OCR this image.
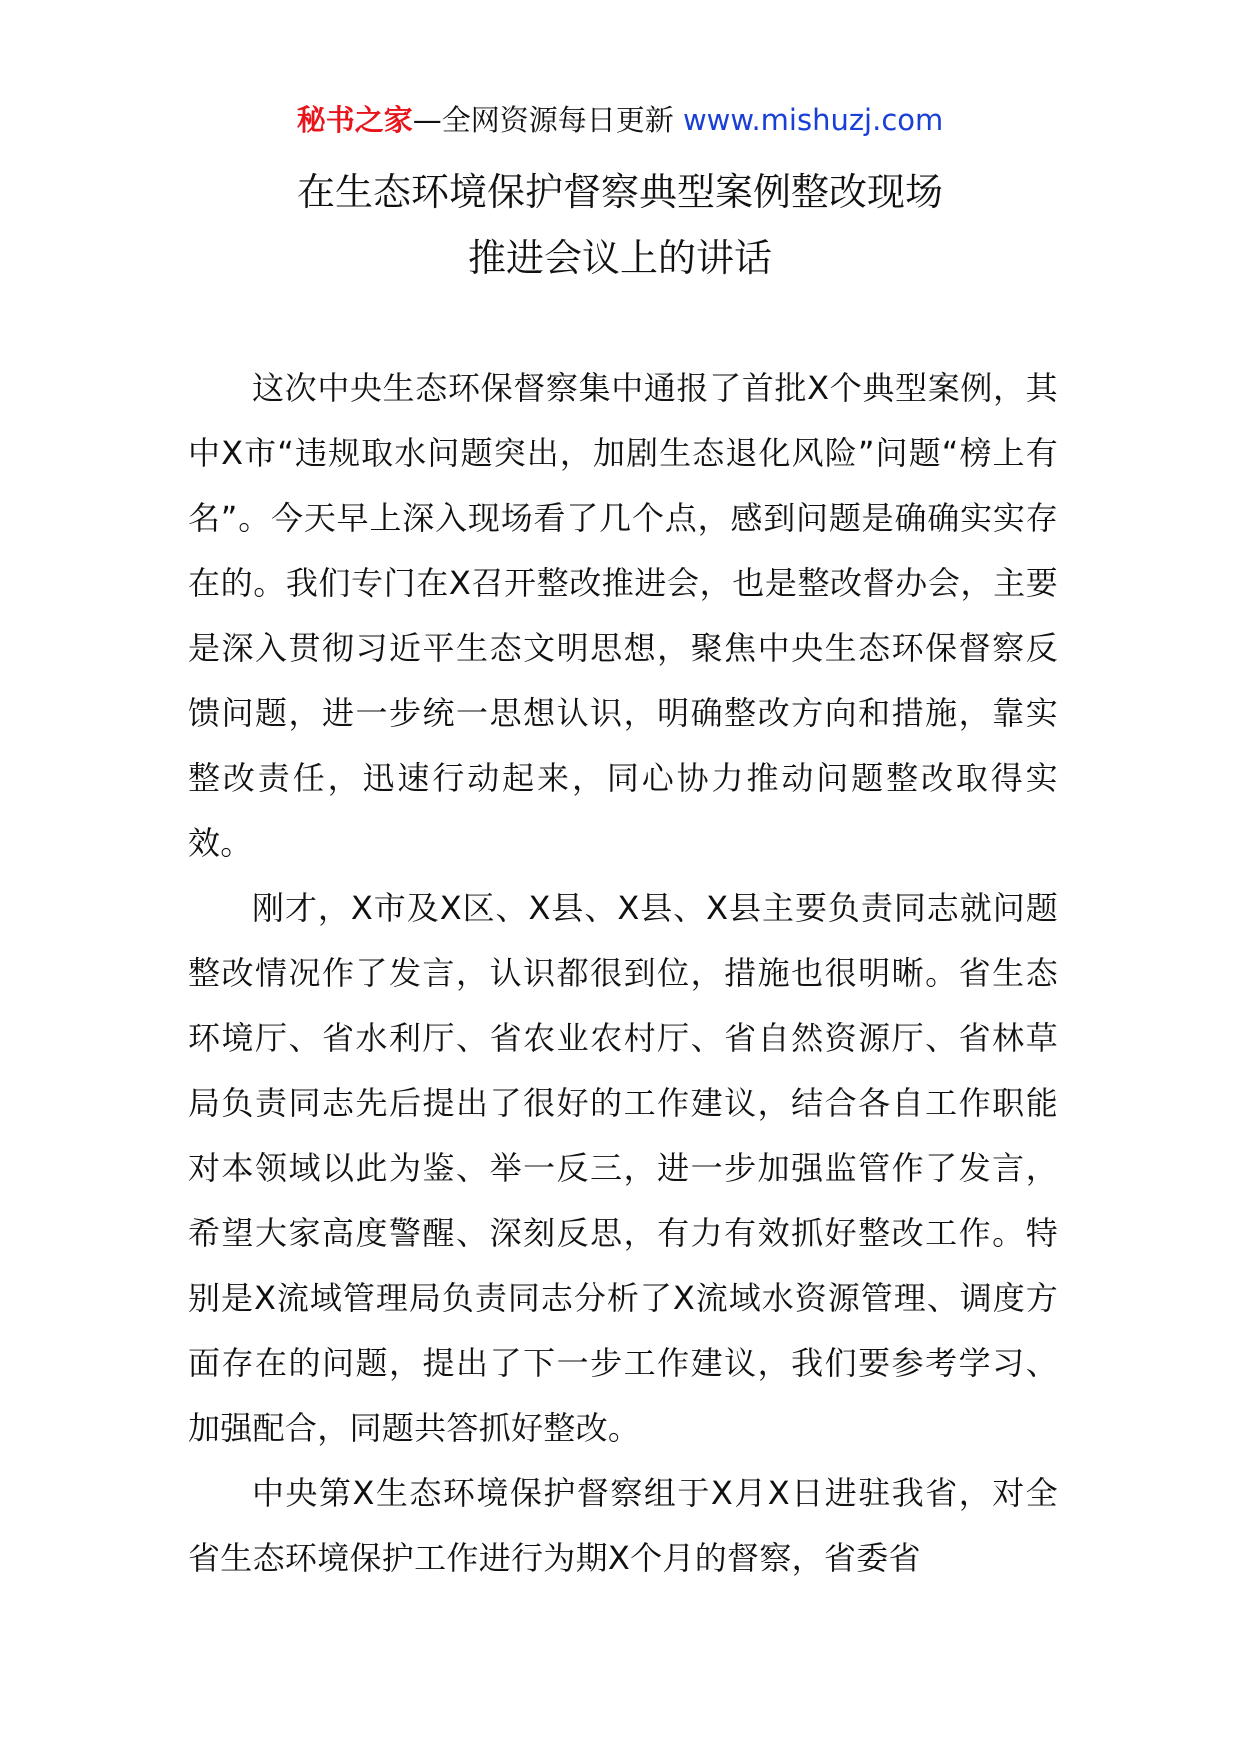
秘书之家—全网资源每日更新 www.mishuzj.com
在生态环境保护督察典型案例整改现场
推进会议上的讲话

这次中央生态环保督察集中通报了首批X个典型案例，其中X市“违规取水问题突出，加剧生态退化风险”问题“榜上有名”。今天早上深入现场看了几个点，感到问题是确确实实存在的。我们专门在X召开整改推进会，也是整改督办会，主要是深入贯彻习近平生态文明思想，聚焦中央生态环保督察反馈问题，进一步统一思想认识，明确整改方向和措施，靠实整改责任，迅速行动起来，同心协力推动问题整改取得实效。

刚才，X市及X区、X县、X县、X县主要负责同志就问题整改情况作了发言，认识都很到位，措施也很明晰。省生态环境厅、省水利厅、省农业农村厅、省自然资源厅、省林草局负责同志先后提出了很好的工作建议，结合各自工作职能对本领域以此为鉴、举一反三，进一步加强监管作了发言，希望大家高度警醒、深刻反思，有力有效抓好整改工作。特别是X流域管理局负责同志分析了X流域水资源管理、调度方面存在的问题，提出了下一步工作建议，我们要参考学习、加强配合，同题共答抓好整改。

中央第X生态环境保护督察组于X月X日进驻我省，对全省生态环境保护工作进行为期X个月的督察，省委省
